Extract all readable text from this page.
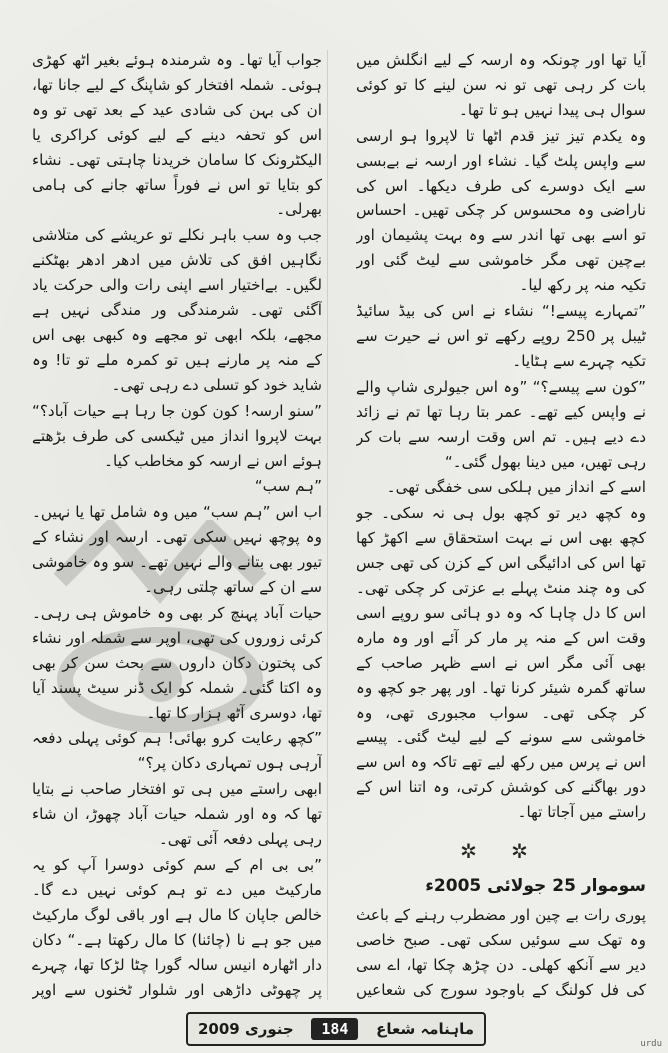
آیا تھا اور چونکہ وہ ارسہ کے لیے انگلش میں بات کر رہی تھی تو نہ سن لینے کا تو کوئی سوال ہی پیدا نہیں ہو تا تھا۔

وہ یکدم تیز تیز قدم اٹھا تا لاپروا ہو ارسی سے واپس پلٹ گیا۔ نشاء اور ارسہ نے بےبسی سے ایک دوسرے کی طرف دیکھا۔ اس کی ناراضی وہ محسوس کر چکی تھیں۔ احساس تو اسے بھی تھا اندر سے وہ بہت پشیمان اور بےچین تھی مگر خاموشی سے لیٹ گئی اور تکیہ منہ پر رکھ لیا۔

”تمہارے پیسے!“ نشاء نے اس کی بیڈ سائیڈ ٹیبل پر 250 روپے رکھے تو اس نے حیرت سے تکیہ چہرے سے ہٹایا۔

”کون سے پیسے؟“ ”وہ اس جیولری شاپ والے نے واپس کیے تھے۔ عمر بتا رہا تھا تم نے زائد دے دیے ہیں۔ تم اس وقت ارسہ سے بات کر رہی تھیں، میں دینا بھول گئی۔“

اسے کے انداز میں ہلکی سی خفگی تھی۔

وہ کچھ دیر تو کچھ بول ہی نہ سکی۔ جو کچھ بھی اس نے بہت استحقاق سے اکھڑ کھا تھا اس کی ادائیگی اس کے کزن کی تھی جس کی وہ چند منٹ پہلے بے عزتی کر چکی تھی۔ اس کا دل چاہا کہ وہ دو ہائی سو روپے اسی وقت اس کے منہ پر مار کر آئے اور وہ مارہ بھی آئی مگر اس نے اسے ظہر صاحب کے ساتھ گمرہ شیئر کرنا تھا۔ اور پھر جو کچھ وہ کر چکی تھی۔ سواب مجبوری تھی، وہ خاموشی سے سونے کے لیے لیٹ گئی۔ پیسے اس نے پرس میں رکھ لیے تھے تاکہ وہ اس سے دور بھاگنے کی کوشش کرتی، وہ اتنا اس کے راستے میں آجاتا تھا۔

✲ ✲
سوموار 25 جولائی 2005ء

پوری رات بے چین اور مضطرب رہنے کے باعث وہ تھک سے سوئیں سکی تھی۔ صبح خاصی دیر سے آنکھ کھلی۔ دن چڑھ چکا تھا، اے سی کی فل کولنگ کے باوجود سورج کی شعاعیں

جواب آیا تھا۔ وہ شرمندہ ہوئے بغیر اٹھ کھڑی ہوئی۔ شملہ افتخار کو شاپنگ کے لیے جانا تھا، ان کی بہن کی شادی عید کے بعد تھی تو وہ اس کو تحفہ دینے کے لیے کوئی کراکری یا الیکٹرونک کا سامان خریدنا چاہتی تھی۔ نشاء کو بتایا تو اس نے فوراً ساتھ جانے کی ہامی بھرلی۔

جب وہ سب باہر نکلے تو عریشے کی متلاشی نگاہیں افق کی تلاش میں ادھر ادھر بھٹکنے لگیں۔ بےاختیار اسے اپنی رات والی حرکت یاد آگئی تھی۔ شرمندگی ور مندگی نہیں ہے مجھے، بلکہ ابھی تو مجھے وہ کبھی بھی اس کے منہ پر مارنے ہیں تو کمرہ ملے تو تا! وہ شاید خود کو تسلی دے رہی تھی۔

”سنو ارسہ! کون کون جا رہا ہے حیات آباد؟“ بہت لاپروا انداز میں ٹیکسی کی طرف بڑھتے ہوئے اس نے ارسہ کو مخاطب کیا۔

”ہم سب“

اب اس ”ہم سب“ میں وہ شامل تھا یا نہیں۔ وہ پوچھ نہیں سکی تھی۔ ارسہ اور نشاء کے تیور بھی بتانے والے نہیں تھے۔ سو وہ خاموشی سے ان کے ساتھ چلتی رہی۔

حیات آباد پہنچ کر بھی وہ خاموش ہی رہی۔ کرئی زوروں کی تھی، اوپر سے شملہ اور نشاء کی پختون دکان داروں سے بحث سن کر بھی وہ اکتا گئی۔ شملہ کو ایک ڈنر سیٹ پسند آیا تھا، دوسری آٹھ ہزار کا تھا۔

”کچھ رعایت کرو بھائی! ہم کوئی پہلی دفعہ آرہی ہوں تمہاری دکان پر؟“

ابھی راستے میں ہی تو افتخار صاحب نے بتایا تھا کہ وہ اور شملہ حیات آباد چھوڑ، ان شاء رہی پہلی دفعہ آئی تھی۔

”بی بی ام کے سم کوئی دوسرا آپ کو یہ مارکیٹ میں دے تو ہم کوئی نہیں دے گا۔ خالص جاپان کا مال ہے اور باقی لوگ مارکیٹ میں جو ہے نا (چائنا) کا مال رکھتا ہے۔“ دکان دار اٹھارہ انیس سالہ گورا چٹا لڑکا تھا، چہرے پر چھوٹی داڑھی اور شلوار ٹخنوں سے اوپر

جنوری 2009	184	ماہنامہ شعاع
urdu
